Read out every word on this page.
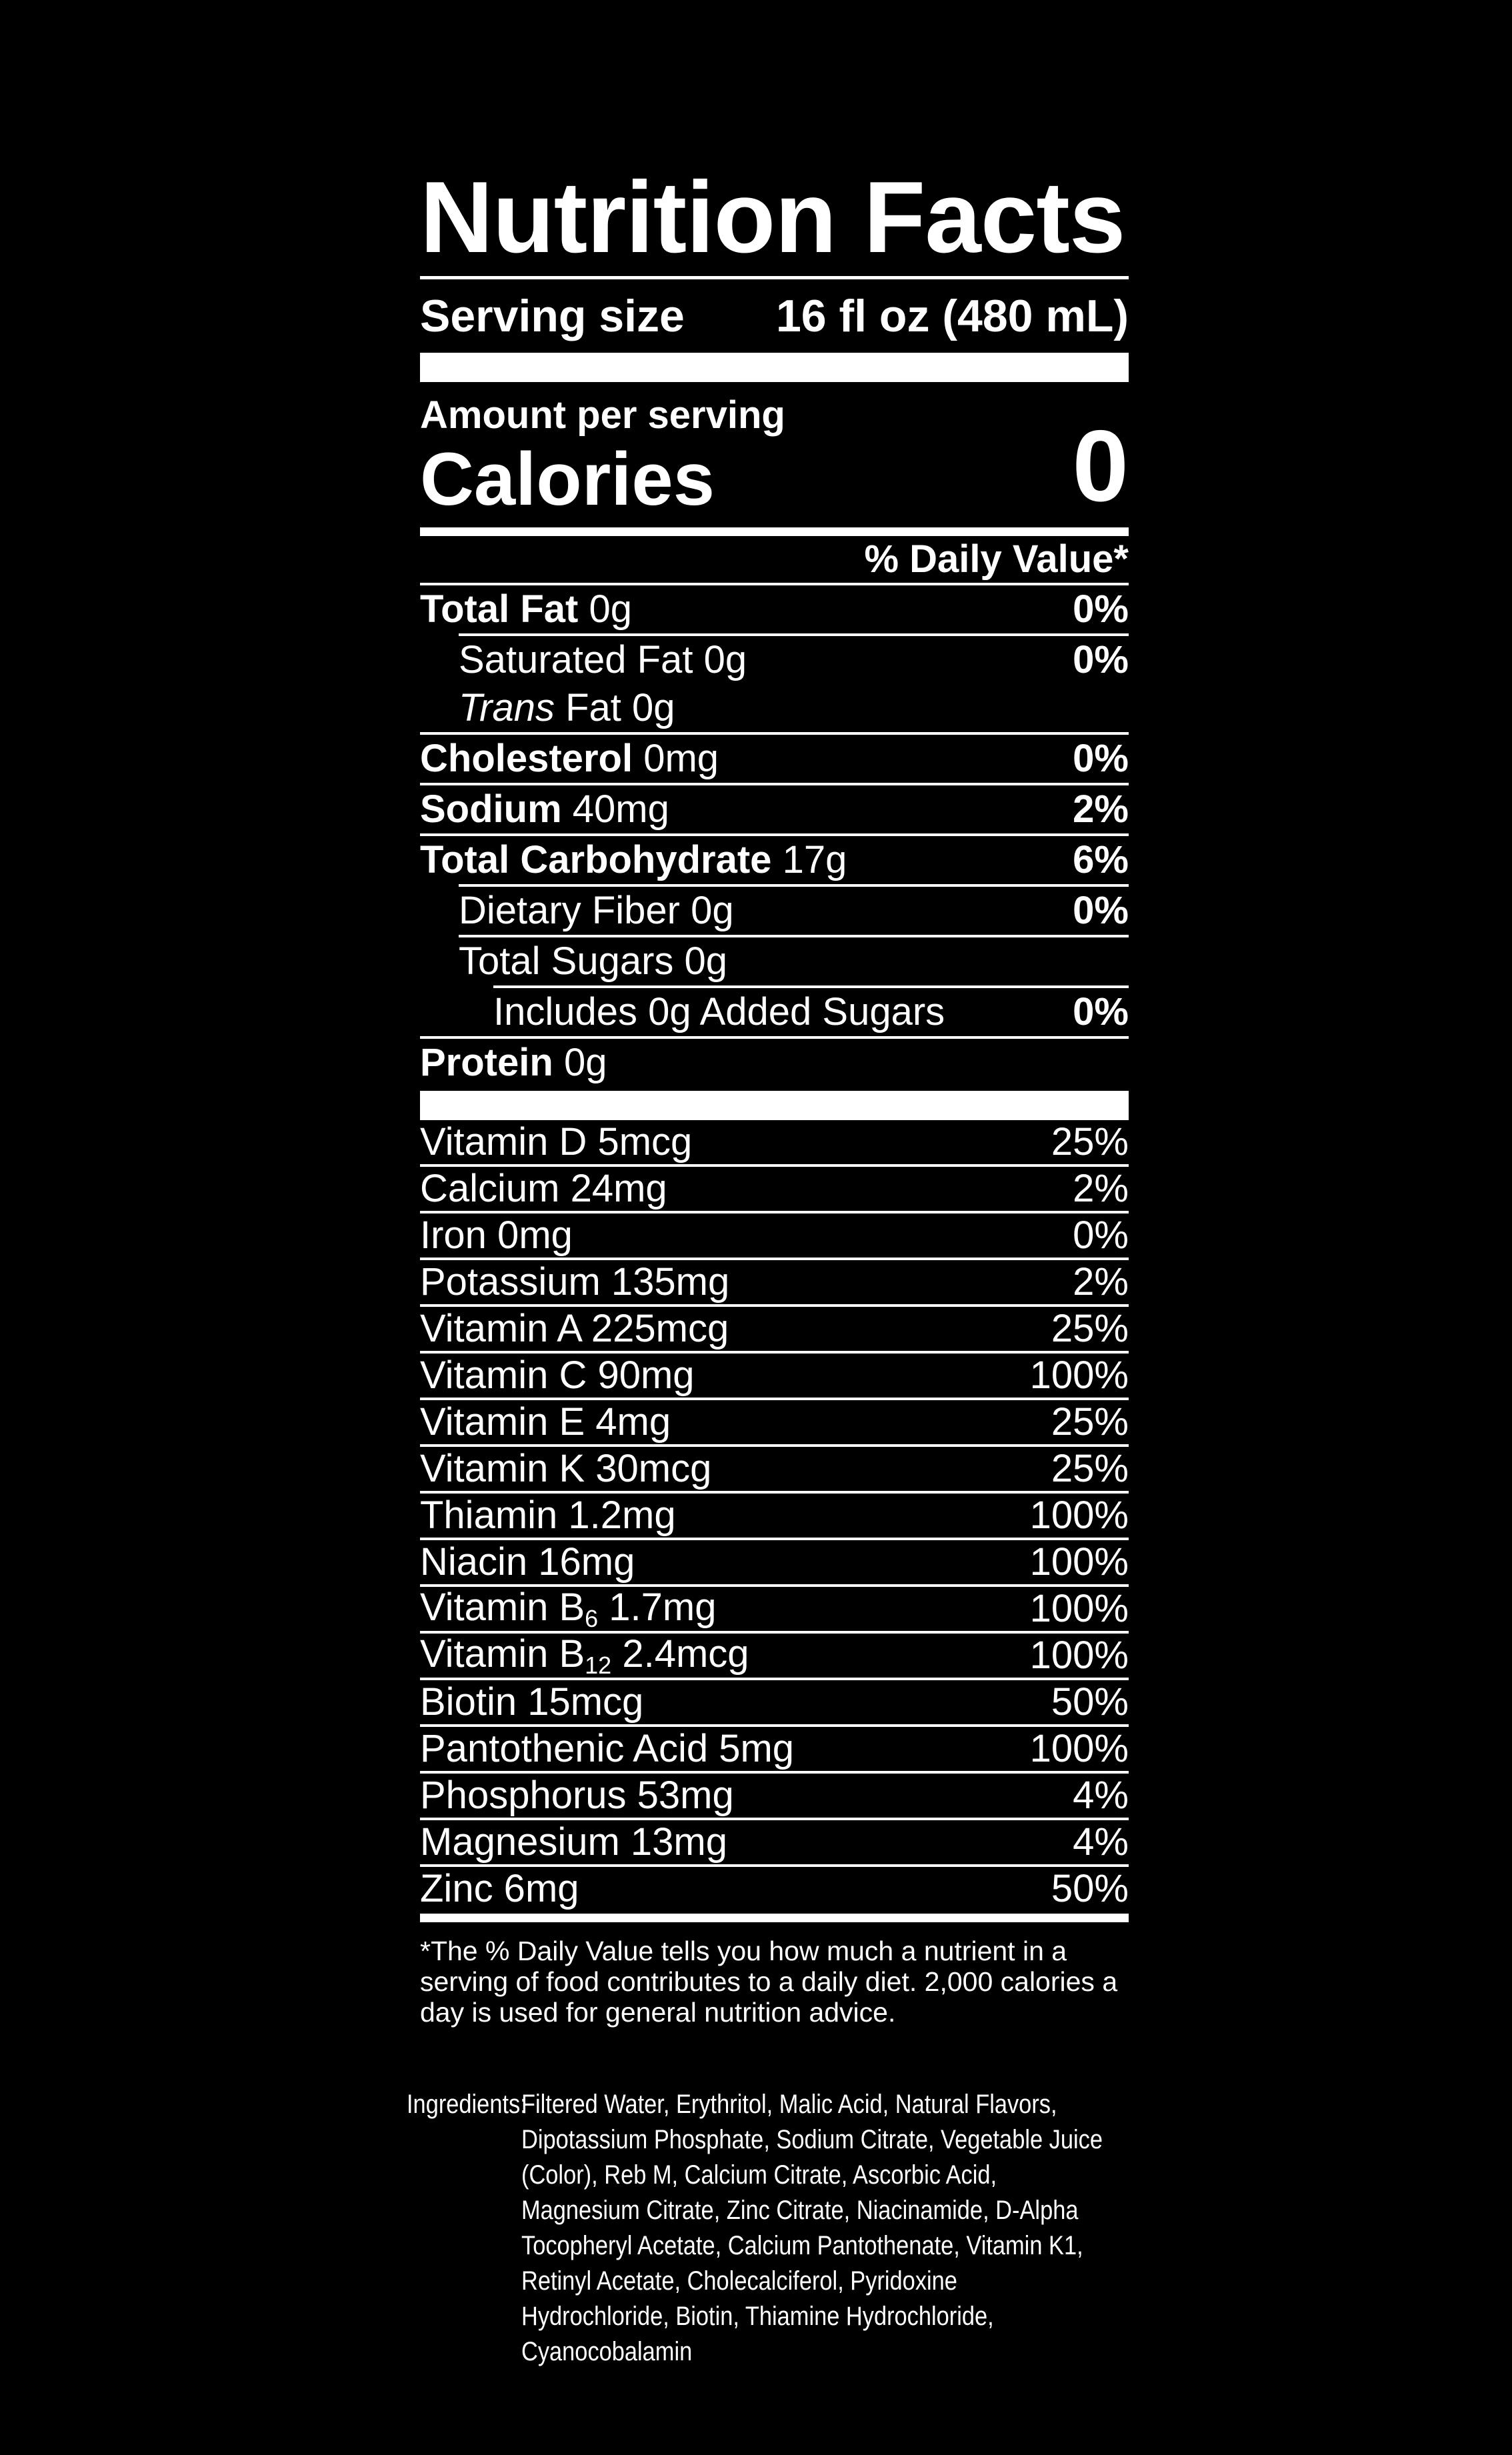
Nutrition Facts
Serving size 16 fl oz (480 mL)
Amount per serving
Calories	0
% Daily Value*
Total Fat 0g	0%
Saturated Fat 0g	0%
Trans Fat 0g
Cholesterol 0mg	0%
Sodium 40mg	2%
Total Carbohydrate 17g	6%
Dietary Fiber 0g	0%
Total Sugars 0g
Includes 0g Added Sugars	0%
Protein 0g
Vitamin D 5mcg	25%
Calcium 24mg	2%
Iron 0mg	0%
Potassium 135mg	2%
Vitamin A 225mcg	25%
Vitamin C 90mg	100%
Vitamin E 4mg	25%
Vitamin K 30mcg	25%
Thiamin 1.2mg	100%
Niacin 16mg	100%
Vitamin B6 1.7mg	100%
Vitamin B12 2.4mcg	100%
Biotin 15mcg	50%
Pantothenic Acid 5mg	100%
Phosphorus 53mg	4%
Magnesium 13mg	4%
Zinc 6mg	50%
*The % Daily Value tells you how much a nutrient in a serving of food contributes to a daily diet. 2,000 calories a day is used for general nutrition advice.
Ingredients:
Filtered Water, Erythritol, Malic Acid, Natural Flavors,
Dipotassium Phosphate, Sodium Citrate, Vegetable Juice
(Color), Reb M, Calcium Citrate, Ascorbic Acid,
Magnesium Citrate, Zinc Citrate, Niacinamide, D-Alpha
Tocopheryl Acetate, Calcium Pantothenate, Vitamin K1,
Retinyl Acetate, Cholecalciferol, Pyridoxine
Hydrochloride, Biotin, Thiamine Hydrochloride,
Cyanocobalamin
